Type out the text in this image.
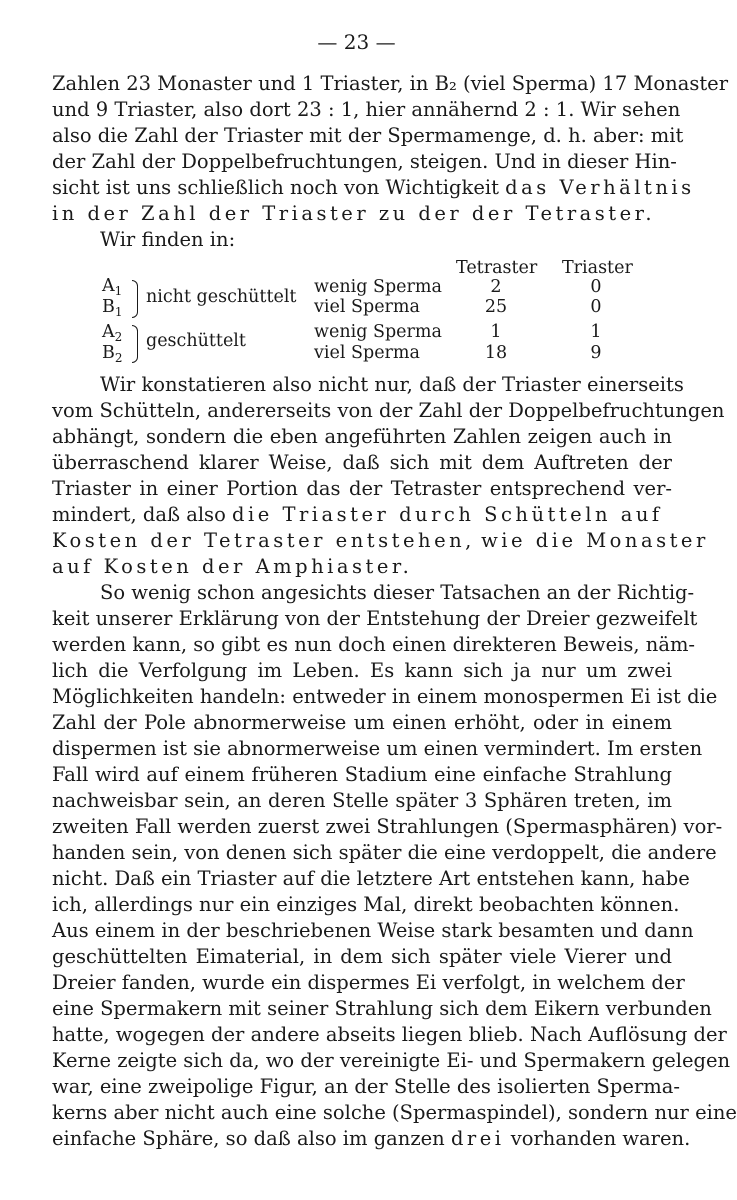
— 23 —
Zahlen 23 Monaster und 1 Triaster, in B₂ (viel Sperma) 17 Monaster
und 9 Triaster, also dort 23 : 1, hier annähernd 2 : 1. Wir sehen
also die Zahl der Triaster mit der Spermamenge, d. h. aber: mit
der Zahl der Doppelbefruchtungen, steigen. Und in dieser Hin-
sicht ist uns schließlich noch von Wichtigkeit das Verhältnis
in der Zahl der Triaster zu der der Tetraster.
Wir finden in:
Tetraster Triaster
$A_1$
$B_1$
nicht geschüttelt wenig Sperma
viel Sperma
2
25
0
0
$A_2$
$B_2$
geschüttelt	wenig Sperma
viel Sperma
1
18
1
9
Wir konstatieren also nicht nur, daß der Triaster einerseits
vom Schütteln, andererseits von der Zahl der Doppelbefruchtungen
abhängt, sondern die eben angeführten Zahlen zeigen auch in
überraschend klarer Weise, daß sich mit dem Auftreten der
Triaster in einer Portion das der Tetraster entsprechend ver-
mindert, daß also die Triaster durch Schütteln auf
Kosten der Tetraster entstehen, wie die Monaster
auf Kosten der Amphiaster.
So wenig schon angesichts dieser Tatsachen an der Richtig-
keit unserer Erklärung von der Entstehung der Dreier gezweifelt
werden kann, so gibt es nun doch einen direkteren Beweis, näm-
lich die Verfolgung im Leben. Es kann sich ja nur um zwei
Möglichkeiten handeln: entweder in einem monospermen Ei ist die
Zahl der Pole abnormerweise um einen erhöht, oder in einem
dispermen ist sie abnormerweise um einen vermindert. Im ersten
Fall wird auf einem früheren Stadium eine einfache Strahlung
nachweisbar sein, an deren Stelle später 3 Sphären treten, im
zweiten Fall werden zuerst zwei Strahlungen (Spermasphären) vor-
handen sein, von denen sich später die eine verdoppelt, die andere
nicht. Daß ein Triaster auf die letztere Art entstehen kann, habe
ich, allerdings nur ein einziges Mal, direkt beobachten können.
Aus einem in der beschriebenen Weise stark besamten und dann
geschüttelten Eimaterial, in dem sich später viele Vierer und
Dreier fanden, wurde ein dispermes Ei verfolgt, in welchem der
eine Spermakern mit seiner Strahlung sich dem Eikern verbunden
hatte, wogegen der andere abseits liegen blieb. Nach Auflösung der
Kerne zeigte sich da, wo der vereinigte Ei- und Spermakern gelegen
war, eine zweipolige Figur, an der Stelle des isolierten Sperma-
kerns aber nicht auch eine solche (Spermaspindel), sondern nur eine
einfache Sphäre, so daß also im ganzen drei vorhanden waren.
